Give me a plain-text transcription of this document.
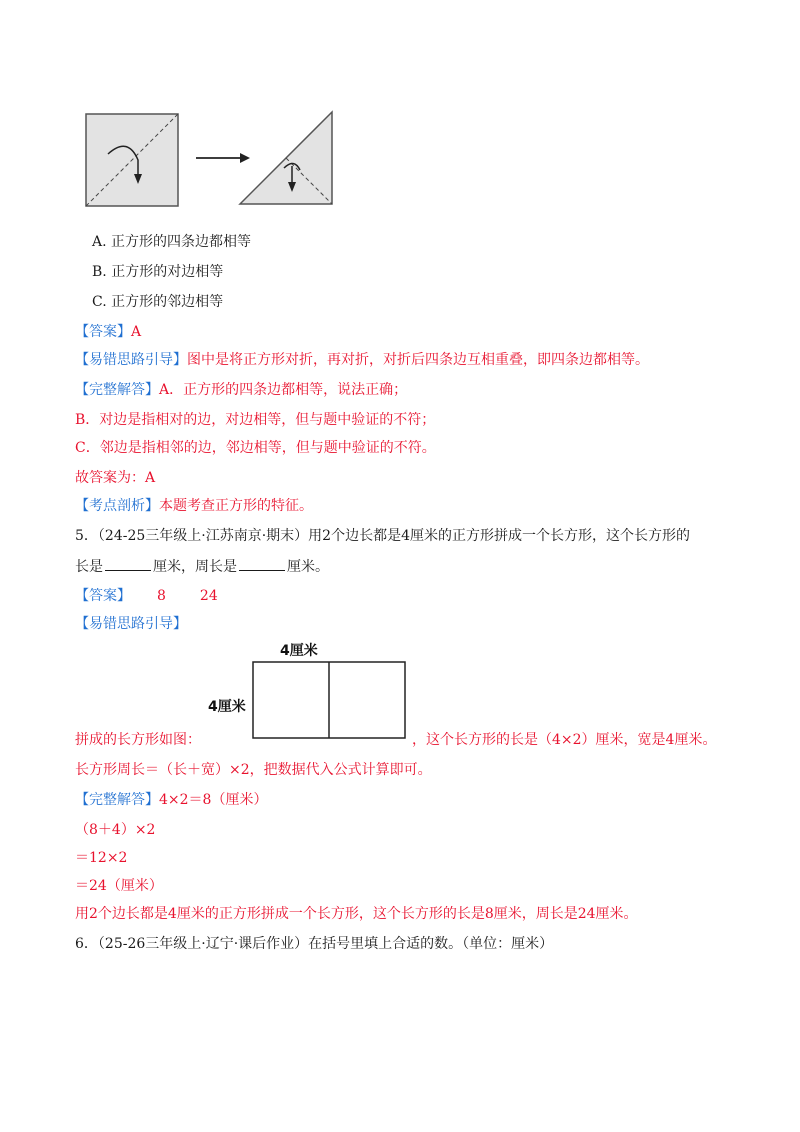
A. 正方形的四条边都相等
B. 正方形的对边相等
C. 正方形的邻边相等
【答案】A
【易错思路引导】图中是将正方形对折，再对折，对折后四条边互相重叠，即四条边都相等。
【完整解答】A．正方形的四条边都相等，说法正确；
B．对边是指相对的边，对边相等，但与题中验证的不符；
C．邻边是指相邻的边，邻边相等，但与题中验证的不符。
故答案为：A
【考点剖析】本题考查正方形的特征。
5．（24-25三年级上·江苏南京·期末）用2个边长都是4厘米的正方形拼成一个长方形，这个长方形的
长是	厘米，周长是	厘米。
【答案】 8 24
【易错思路引导】
4厘米
4厘米
拼成的长方形如图：	，这个长方形的长是（4×2）厘米，宽是4厘米。
长方形周长＝（长＋宽）×2，把数据代入公式计算即可。
【完整解答】4×2＝8（厘米）
（8＋4）×2
＝12×2
＝24（厘米）
用2个边长都是4厘米的正方形拼成一个长方形，这个长方形的长是8厘米，周长是24厘米。
6．（25-26三年级上·辽宁·课后作业）在括号里填上合适的数。（单位：厘米）
